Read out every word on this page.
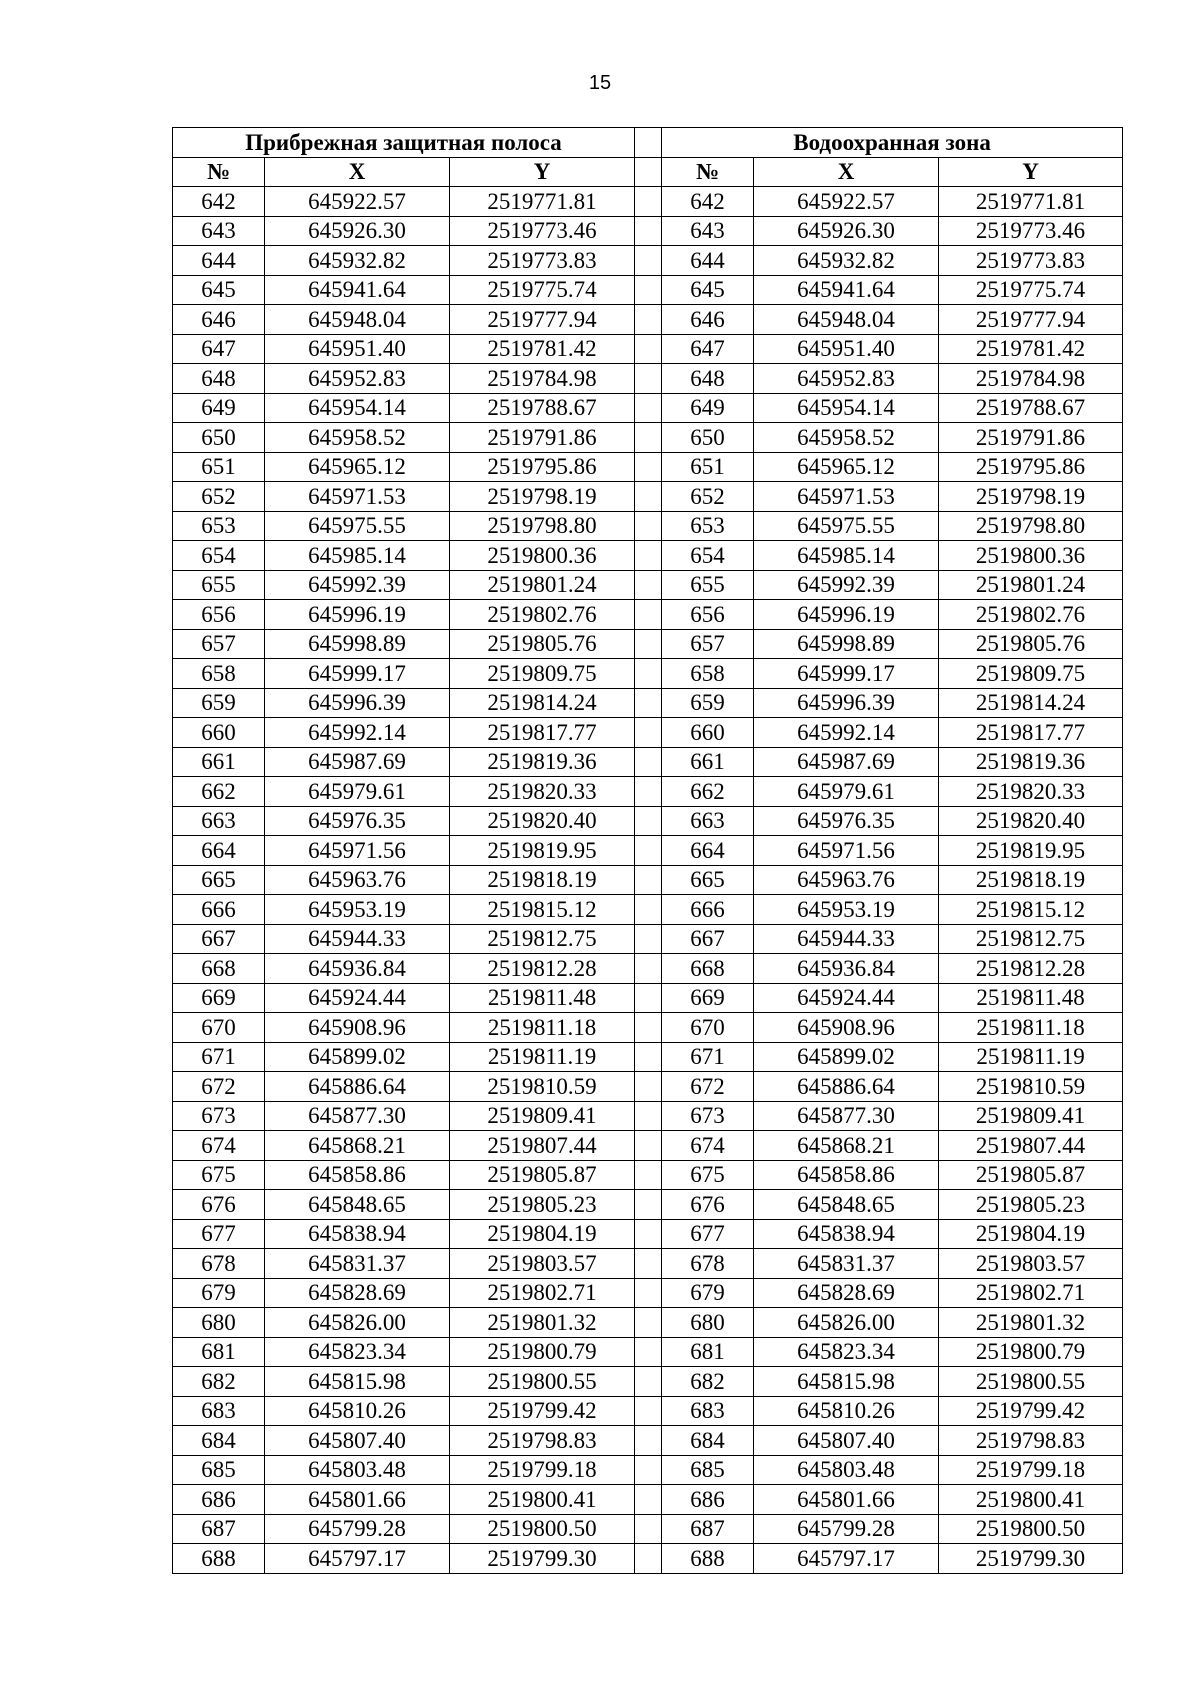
15
Прибрежная защитная полоса				Водоохранная зона		
№	X	Y		№	X	Y
642	645922.57	2519771.81		642	645922.57	2519771.81
643	645926.30	2519773.46		643	645926.30	2519773.46
644	645932.82	2519773.83		644	645932.82	2519773.83
645	645941.64	2519775.74		645	645941.64	2519775.74
646	645948.04	2519777.94		646	645948.04	2519777.94
647	645951.40	2519781.42		647	645951.40	2519781.42
648	645952.83	2519784.98		648	645952.83	2519784.98
649	645954.14	2519788.67		649	645954.14	2519788.67
650	645958.52	2519791.86		650	645958.52	2519791.86
651	645965.12	2519795.86		651	645965.12	2519795.86
652	645971.53	2519798.19		652	645971.53	2519798.19
653	645975.55	2519798.80		653	645975.55	2519798.80
654	645985.14	2519800.36		654	645985.14	2519800.36
655	645992.39	2519801.24		655	645992.39	2519801.24
656	645996.19	2519802.76		656	645996.19	2519802.76
657	645998.89	2519805.76		657	645998.89	2519805.76
658	645999.17	2519809.75		658	645999.17	2519809.75
659	645996.39	2519814.24		659	645996.39	2519814.24
660	645992.14	2519817.77		660	645992.14	2519817.77
661	645987.69	2519819.36		661	645987.69	2519819.36
662	645979.61	2519820.33		662	645979.61	2519820.33
663	645976.35	2519820.40		663	645976.35	2519820.40
664	645971.56	2519819.95		664	645971.56	2519819.95
665	645963.76	2519818.19		665	645963.76	2519818.19
666	645953.19	2519815.12		666	645953.19	2519815.12
667	645944.33	2519812.75		667	645944.33	2519812.75
668	645936.84	2519812.28		668	645936.84	2519812.28
669	645924.44	2519811.48		669	645924.44	2519811.48
670	645908.96	2519811.18		670	645908.96	2519811.18
671	645899.02	2519811.19		671	645899.02	2519811.19
672	645886.64	2519810.59		672	645886.64	2519810.59
673	645877.30	2519809.41		673	645877.30	2519809.41
674	645868.21	2519807.44		674	645868.21	2519807.44
675	645858.86	2519805.87		675	645858.86	2519805.87
676	645848.65	2519805.23		676	645848.65	2519805.23
677	645838.94	2519804.19		677	645838.94	2519804.19
678	645831.37	2519803.57		678	645831.37	2519803.57
679	645828.69	2519802.71		679	645828.69	2519802.71
680	645826.00	2519801.32		680	645826.00	2519801.32
681	645823.34	2519800.79		681	645823.34	2519800.79
682	645815.98	2519800.55		682	645815.98	2519800.55
683	645810.26	2519799.42		683	645810.26	2519799.42
684	645807.40	2519798.83		684	645807.40	2519798.83
685	645803.48	2519799.18		685	645803.48	2519799.18
686	645801.66	2519800.41		686	645801.66	2519800.41
687	645799.28	2519800.50		687	645799.28	2519800.50
688	645797.17	2519799.30		688	645797.17	2519799.30
